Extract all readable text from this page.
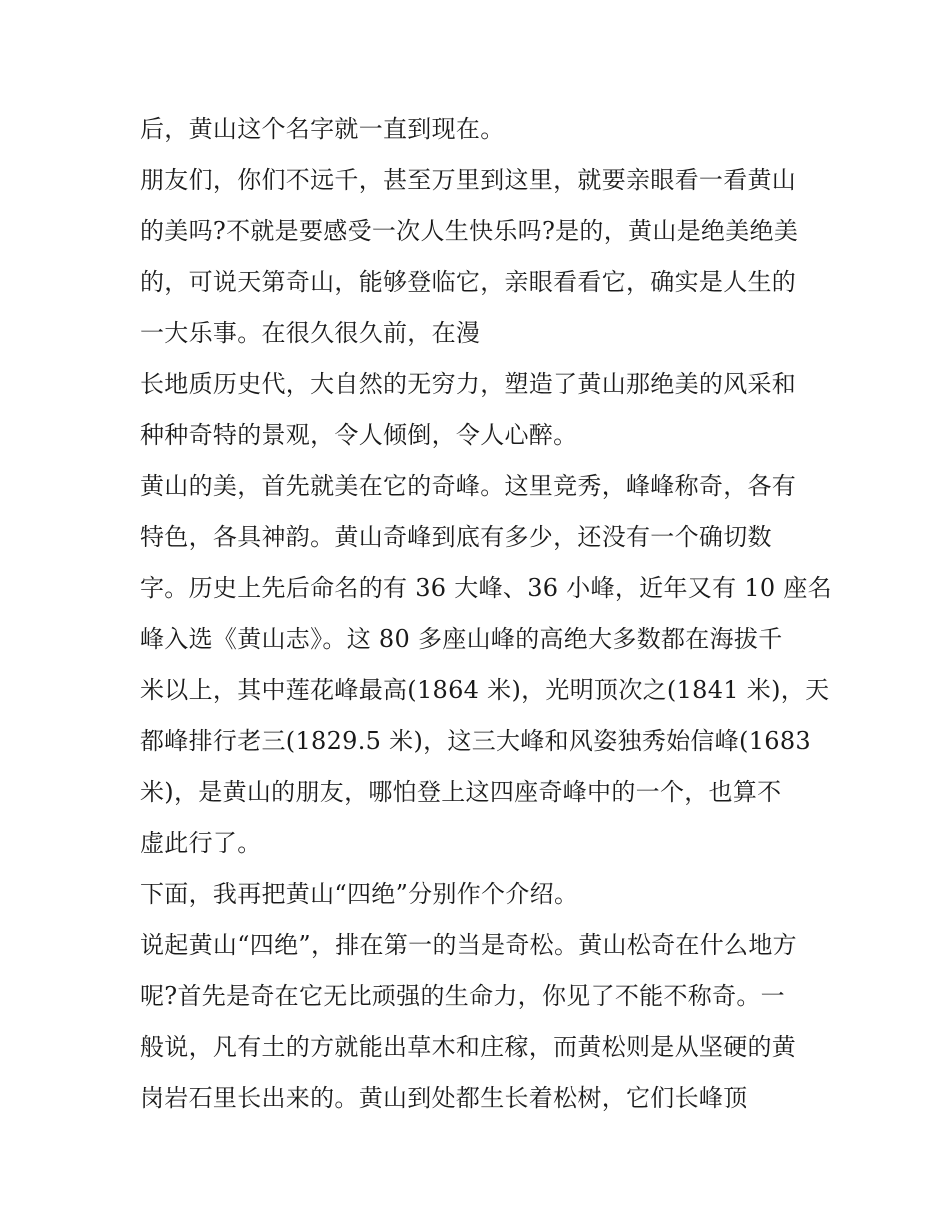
后，黄山这个名字就一直到现在。

朋友们，你们不远千，甚至万里到这里，就要亲眼看一看黄山

的美吗?不就是要感受一次人生快乐吗?是的，黄山是绝美绝美

的，可说天第奇山，能够登临它，亲眼看看它，确实是人生的

一大乐事。在很久很久前，在漫

长地质历史代，大自然的无穷力，塑造了黄山那绝美的风采和

种种奇特的景观，令人倾倒，令人心醉。

黄山的美，首先就美在它的奇峰。这里竞秀，峰峰称奇，各有

特色，各具神韵。黄山奇峰到底有多少，还没有一个确切数

字。历史上先后命名的有 36 大峰、36 小峰，近年又有 10 座名

峰入选《黄山志》。这 80 多座山峰的高绝大多数都在海拔千

米以上，其中莲花峰最高(1864 米)，光明顶次之(1841 米)，天

都峰排行老三(1829.5 米)，这三大峰和风姿独秀始信峰(1683

米)，是黄山的朋友，哪怕登上这四座奇峰中的一个，也算不

虚此行了。

下面，我再把黄山“四绝”分别作个介绍。

说起黄山“四绝”，排在第一的当是奇松。黄山松奇在什么地方

呢?首先是奇在它无比顽强的生命力，你见了不能不称奇。一

般说，凡有土的方就能出草木和庄稼，而黄松则是从坚硬的黄

岗岩石里长出来的。黄山到处都生长着松树，它们长峰顶
